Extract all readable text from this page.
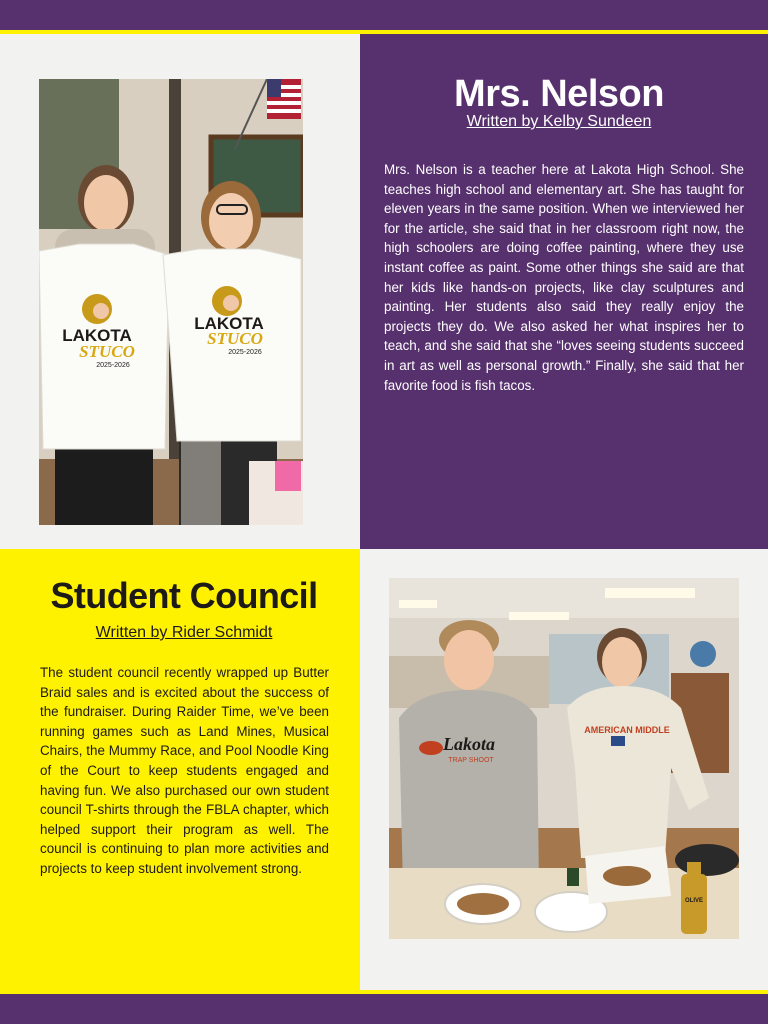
LAKOTA
STUCO
2025-2026
LAKOTA
STUCO
2025-2026
Mrs. Nelson
Written by Kelby Sundeen

Mrs. Nelson is a teacher here at Lakota High School. She teaches high school and elementary art. She has taught for eleven years in the same position. When we interviewed her for the article, she said that in her classroom right now, the high schoolers are doing coffee painting, where they use instant coffee as paint. Some other things she said are that her kids like hands-on projects, like clay sculptures and painting. Her students also said they really enjoy the projects they do. We also asked her what inspires her to teach, and she said that she “loves seeing students succeed in art as well as personal growth.” Finally, she said that her favorite food is fish tacos.

Student Council
Written by Rider Schmidt

The student council recently wrapped up Butter Braid sales and is excited about the success of the fundraiser. During Raider Time, we’ve been running games such as Land Mines, Musical Chairs, the Mummy Race, and Pool Noodle King of the Court to keep students engaged and having fun. We also purchased our own student council T-shirts through the FBLA chapter, which helped support their program as well. The council is continuing to plan more activities and projects to keep student involvement strong.

Lakota
TRAP SHOOT
AMERICAN MIDDLE
OLIVE
